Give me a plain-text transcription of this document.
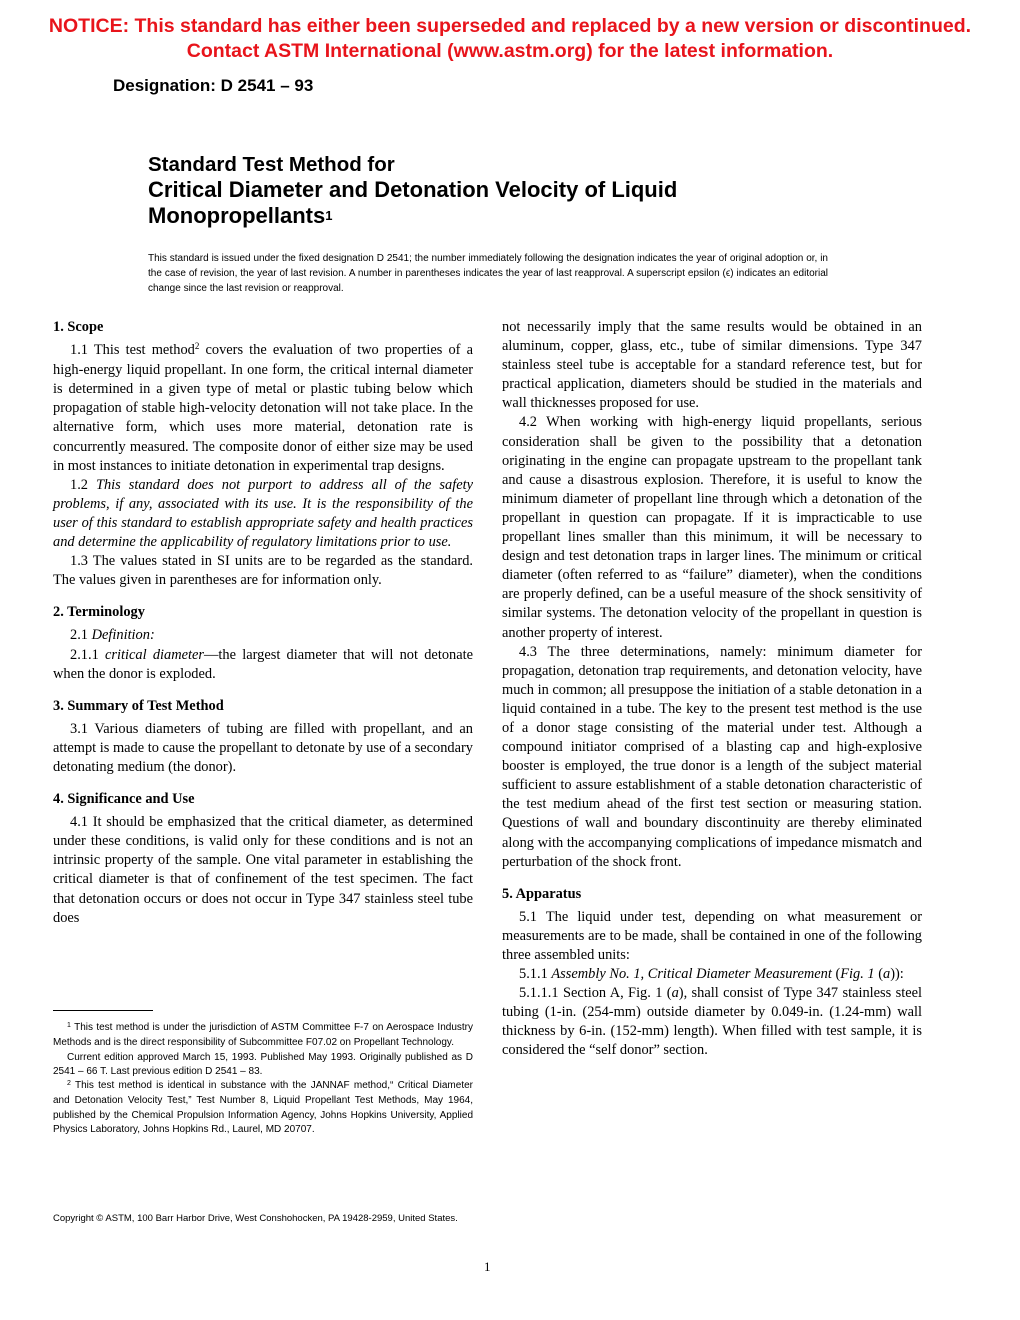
NOTICE: This standard has either been superseded and replaced by a new version or discontinued.
Contact ASTM International (www.astm.org) for the latest information.
Designation: D 2541 – 93
Standard Test Method for
Critical Diameter and Detonation Velocity of Liquid
Monopropellants$^1$
This standard is issued under the fixed designation D 2541; the number immediately following the designation indicates the year of original adoption or, in the case of revision, the year of last revision. A number in parentheses indicates the year of last reapproval. A superscript epsilon (ϵ) indicates an editorial change since the last revision or reapproval.
1. Scope

1.1 This test method$^2$ covers the evaluation of two properties of a high-energy liquid propellant. In one form, the critical internal diameter is determined in a given type of metal or plastic tubing below which propagation of stable high-velocity detonation will not take place. In the alternative form, which uses more material, detonation rate is concurrently measured. The composite donor of either size may be used in most instances to initiate detonation in experimental trap designs.

1.2 This standard does not purport to address all of the safety problems, if any, associated with its use. It is the responsibility of the user of this standard to establish appropriate safety and health practices and determine the applicability of regulatory limitations prior to use.

1.3 The values stated in SI units are to be regarded as the standard. The values given in parentheses are for information only.

2. Terminology

2.1 Definition:

2.1.1 critical diameter—the largest diameter that will not detonate when the donor is exploded.

3. Summary of Test Method

3.1 Various diameters of tubing are filled with propellant, and an attempt is made to cause the propellant to detonate by use of a secondary detonating medium (the donor).

4. Significance and Use

4.1 It should be emphasized that the critical diameter, as determined under these conditions, is valid only for these conditions and is not an intrinsic property of the sample. One vital parameter in establishing the critical diameter is that of confinement of the test specimen. The fact that detonation occurs or does not occur in Type 347 stainless steel tube does

$^1$ This test method is under the jurisdiction of ASTM Committee F-7 on Aerospace Industry Methods and is the direct responsibility of Subcommittee F07.02 on Propellant Technology.

Current edition approved March 15, 1993. Published May 1993. Originally published as D 2541 – 66 T. Last previous edition D 2541 – 83.

$^2$ This test method is identical in substance with the JANNAF method,“ Critical Diameter and Detonation Velocity Test,” Test Number 8, Liquid Propellant Test Methods, May 1964, published by the Chemical Propulsion Information Agency, Johns Hopkins University, Applied Physics Laboratory, Johns Hopkins Rd., Laurel, MD 20707.

not necessarily imply that the same results would be obtained in an aluminum, copper, glass, etc., tube of similar dimensions. Type 347 stainless steel tube is acceptable for a standard reference test, but for practical application, diameters should be studied in the materials and wall thicknesses proposed for use.

4.2 When working with high-energy liquid propellants, serious consideration shall be given to the possibility that a detonation originating in the engine can propagate upstream to the propellant tank and cause a disastrous explosion. Therefore, it is useful to know the minimum diameter of propellant line through which a detonation of the propellant in question can propagate. If it is impracticable to use propellant lines smaller than this minimum, it will be necessary to design and test detonation traps in larger lines. The minimum or critical diameter (often referred to as “failure” diameter), when the conditions are properly defined, can be a useful measure of the shock sensitivity of similar systems. The detonation velocity of the propellant in question is another property of interest.

4.3 The three determinations, namely: minimum diameter for propagation, detonation trap requirements, and detonation velocity, have much in common; all presuppose the initiation of a stable detonation in a liquid contained in a tube. The key to the present test method is the use of a donor stage consisting of the material under test. Although a compound initiator comprised of a blasting cap and high-explosive booster is employed, the true donor is a length of the subject material sufficient to assure establishment of a stable detonation characteristic of the test medium ahead of the first test section or measuring station. Questions of wall and boundary discontinuity are thereby eliminated along with the accompanying complications of impedance mismatch and perturbation of the shock front.

5. Apparatus

5.1 The liquid under test, depending on what measurement or measurements are to be made, shall be contained in one of the following three assembled units:

5.1.1 Assembly No. 1, Critical Diameter Measurement (Fig. 1 (a)):

5.1.1.1 Section A, Fig. 1 (a), shall consist of Type 347 stainless steel tubing (1-in. (254-mm) outside diameter by 0.049-in. (1.24-mm) wall thickness by 6-in. (152-mm) length). When filled with test sample, it is considered the “self donor” section.

Copyright © ASTM, 100 Barr Harbor Drive, West Conshohocken, PA 19428-2959, United States.
1
